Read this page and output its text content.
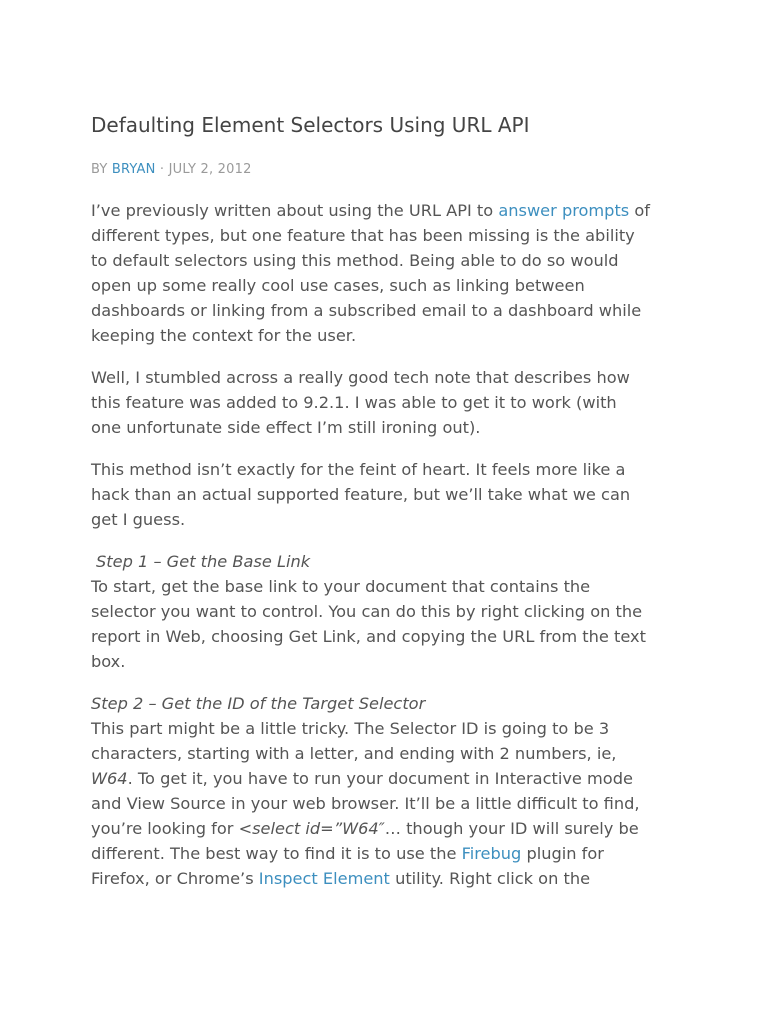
Defaulting Element Selectors Using URL API
BY BRYAN · JULY 2, 2012

I’ve previously written about using the URL API to answer prompts of
different types, but one feature that has been missing is the ability
to default selectors using this method. Being able to do so would
open up some really cool use cases, such as linking between
dashboards or linking from a subscribed email to a dashboard while
keeping the context for the user.

Well, I stumbled across a really good tech note that describes how
this feature was added to 9.2.1. I was able to get it to work (with
one unfortunate side effect I’m still ironing out).

This method isn’t exactly for the feint of heart. It feels more like a
hack than an actual supported feature, but we’ll take what we can
get I guess.

Step 1 – Get the Base Link
To start, get the base link to your document that contains the
selector you want to control. You can do this by right clicking on the
report in Web, choosing Get Link, and copying the URL from the text
box.

Step 2 – Get the ID of the Target Selector
This part might be a little tricky. The Selector ID is going to be 3
characters, starting with a letter, and ending with 2 numbers, ie,
W64. To get it, you have to run your document in Interactive mode
and View Source in your web browser. It’ll be a little difficult to find,
you’re looking for <select id=”W64″… though your ID will surely be
different. The best way to find it is to use the Firebug plugin for
Firefox, or Chrome’s Inspect Element utility. Right click on the
